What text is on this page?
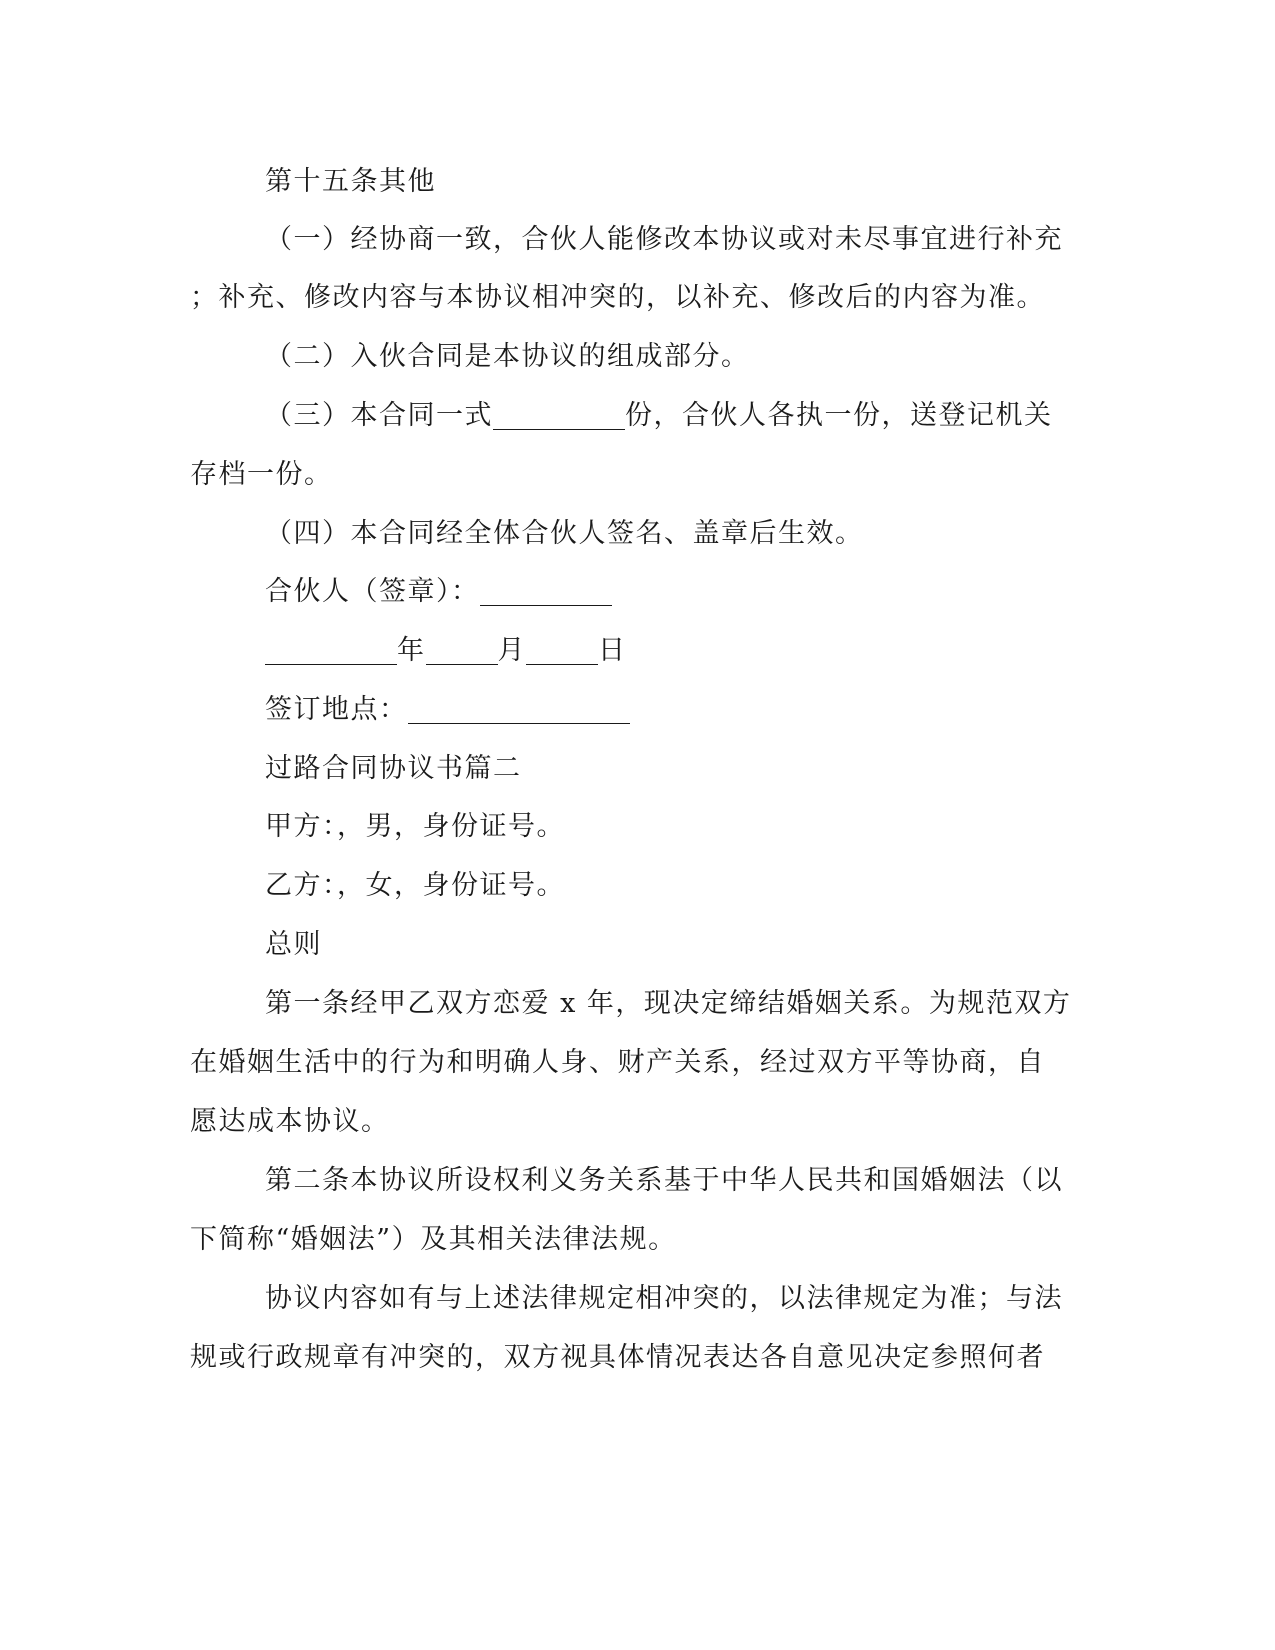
第十五条其他
（一）经协商一致，合伙人能修改本协议或对未尽事宜进行补充
；补充、修改内容与本协议相冲突的，以补充、修改后的内容为准。
（二）入伙合同是本协议的组成部分。
（三）本合同一式	份，合伙人各执一份，送登记机关
存档一份。
（四）本合同经全体合伙人签名、盖章后生效。
合伙人（签章）：
年	月	日
签订地点：
过路合同协议书篇二
甲方：，男，身份证号。
乙方：，女，身份证号。
总则
第一条经甲乙双方恋爱 x 年，现决定缔结婚姻关系。为规范双方
在婚姻生活中的行为和明确人身、财产关系，经过双方平等协商，自
愿达成本协议。
第二条本协议所设权利义务关系基于中华人民共和国婚姻法（以
下简称“婚姻法”）及其相关法律法规。
协议内容如有与上述法律规定相冲突的，以法律规定为准；与法
规或行政规章有冲突的，双方视具体情况表达各自意见决定参照何者
